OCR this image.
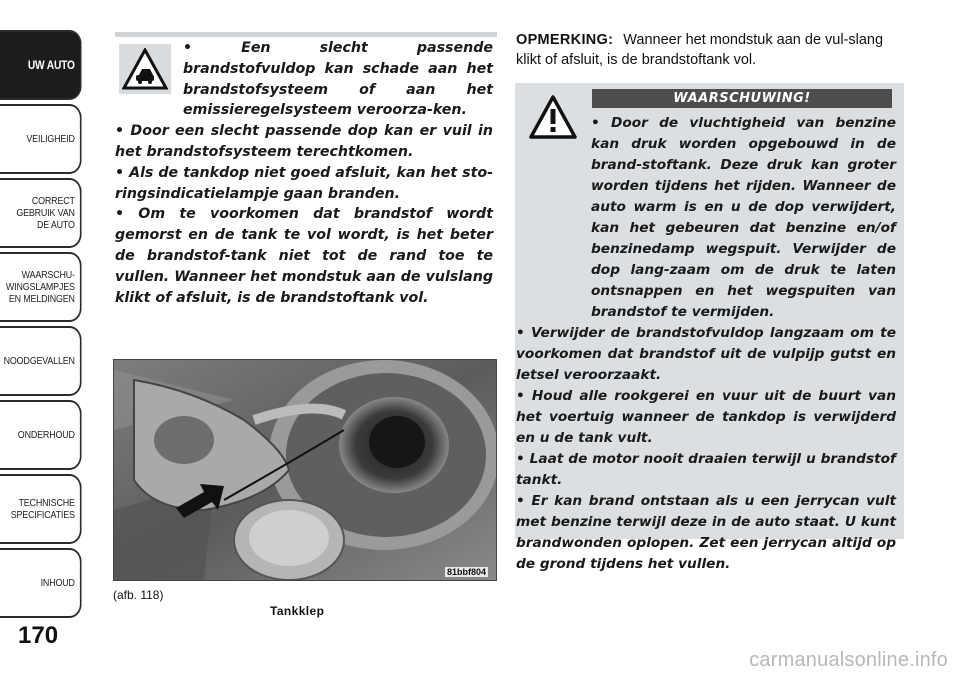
UW AUTO
VEILIGHEID
CORRECT
GEBRUIK VAN
DE AUTO
WAARSCHU-
WINGSLAMPJES
EN MELDINGEN
NOODGEVALLEN
ONDERHOUD
TECHNISCHE
SPECIFICATIES
INHOUD
170

• Een slecht passende brandstofvuldop kan schade aan het brandstofsysteem of aan het emissieregelsysteem veroorza-ken.

• Door een slecht passende dop kan er vuil in het brandstofsysteem terechtkomen.

• Als de tankdop niet goed afsluit, kan het sto-ringsindicatielampje gaan branden.

• Om te voorkomen dat brandstof wordt gemorst en de tank te vol wordt, is het beter de brandstof-tank niet tot de rand toe te vullen. Wanneer het mondstuk aan de vulslang klikt of afsluit, is de brandstoftank vol.

81bbf804
(afb. 118)
Tankklep
OPMERKING: Wanneer het mondstuk aan de vul-slang klikt of afsluit, is de brandstoftank vol.
WAARSCHUWING!

• Door de vluchtigheid van benzine kan druk worden opgebouwd in de brand-stoftank. Deze druk kan groter worden tijdens het rijden. Wanneer de auto warm is en u de dop verwijdert, kan het gebeuren dat benzine en/of benzinedamp wegspuit. Verwijder de dop lang-zaam om de druk te laten ontsnappen en het wegspuiten van brandstof te vermijden.

• Verwijder de brandstofvuldop langzaam om te voorkomen dat brandstof uit de vulpijp gutst en letsel veroorzaakt.

• Houd alle rookgerei en vuur uit de buurt van het voertuig wanneer de tankdop is verwijderd en u de tank vult.

• Laat de motor nooit draaien terwijl u brandstof tankt.

• Er kan brand ontstaan als u een jerrycan vult met benzine terwijl deze in de auto staat. U kunt brandwonden oplopen. Zet een jerrycan altijd op de grond tijdens het vullen.

carmanualsonline.info
